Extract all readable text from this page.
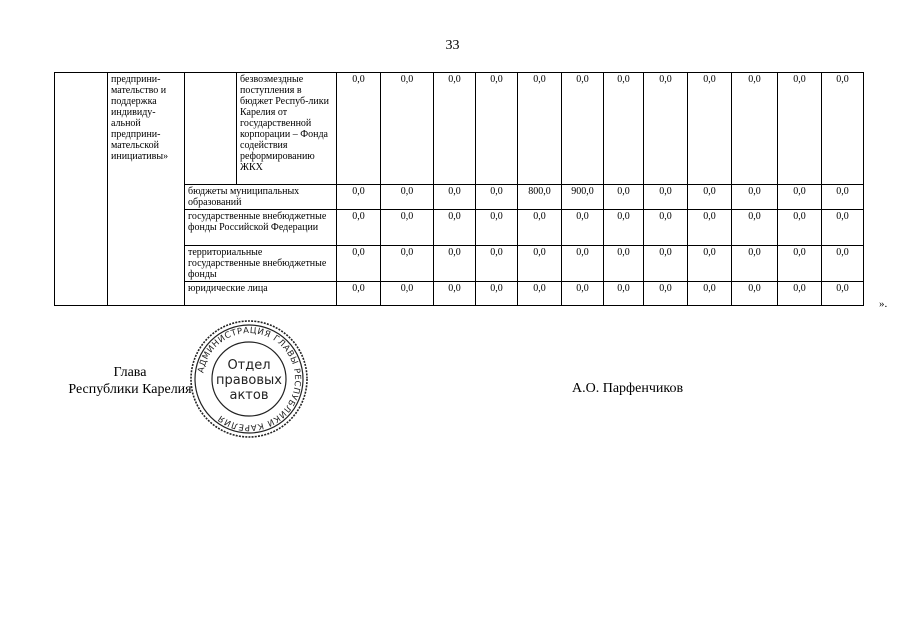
33
	предприни-мательство и поддержка индивиду-альной предприни-мательской инициативы»		безвозмездные поступления в бюджет Респуб-лики Карелия от государственной корпорации – Фонда содействия реформированию ЖКХ	0,0	0,0	0,0	0,0	0,0	0,0	0,0	0,0	0,0	0,0	0,0	0,0
		бюджеты муниципальных образований		0,0	0,0	0,0	0,0	800,0	900,0	0,0	0,0	0,0	0,0	0,0	0,0
		государственные внебюджетные фонды Российской Федерации		0,0	0,0	0,0	0,0	0,0	0,0	0,0	0,0	0,0	0,0	0,0	0,0
		территориальные государственные внебюджетные фонды		0,0	0,0	0,0	0,0	0,0	0,0	0,0	0,0	0,0	0,0	0,0	0,0
		юридические лица		0,0	0,0	0,0	0,0	0,0	0,0	0,0	0,0	0,0	0,0	0,0	0,0
».
Глава
Республики Карелия
АДМИНИСТРАЦИЯ ГЛАВЫ РЕСПУБЛИКИ КАРЕЛИЯ
Отдел
правовых
актов	А.О. Парфенчиков
